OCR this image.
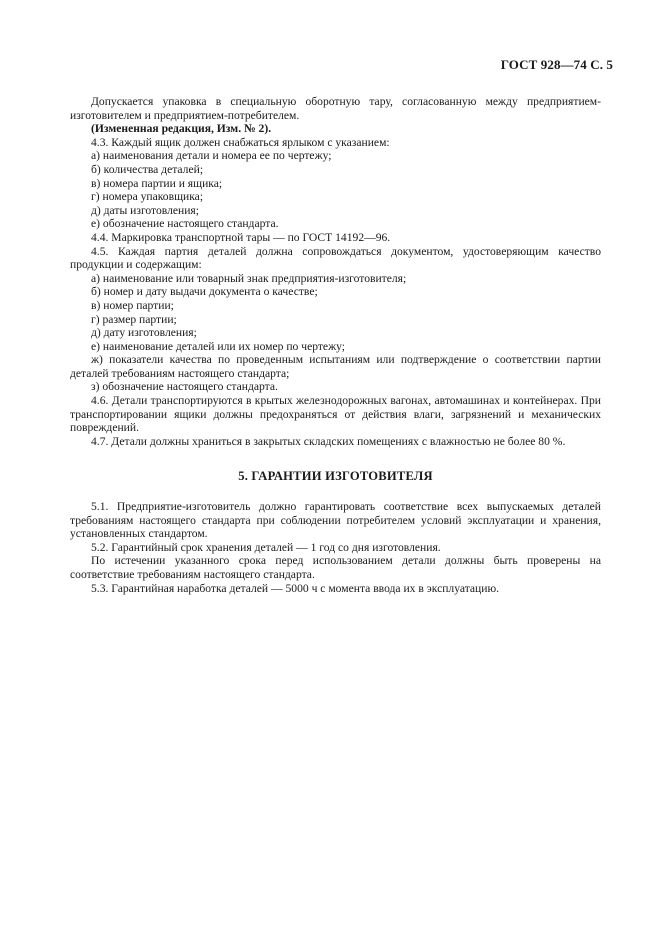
ГОСТ 928—74 С. 5

Допускается упаковка в специальную оборотную тару, согласованную между предприятием-изготовителем и предприятием-потребителем.

(Измененная редакция, Изм. № 2).

4.3. Каждый ящик должен снабжаться ярлыком с указанием:

а) наименования детали и номера ее по чертежу;

б) количества деталей;

в) номера партии и ящика;

г) номера упаковщика;

д) даты изготовления;

е) обозначение настоящего стандарта.

4.4. Маркировка транспортной тары — по ГОСТ 14192—96.

4.5. Каждая партия деталей должна сопровождаться документом, удостоверяющим качество продукции и содержащим:

а) наименование или товарный знак предприятия-изготовителя;

б) номер и дату выдачи документа о качестве;

в) номер партии;

г) размер партии;

д) дату изготовления;

е) наименование деталей или их номер по чертежу;

ж) показатели качества по проведенным испытаниям или подтверждение о соответствии партии деталей требованиям настоящего стандарта;

з) обозначение настоящего стандарта.

4.6. Детали транспортируются в крытых железнодорожных вагонах, автомашинах и контейнерах. При транспортировании ящики должны предохраняться от действия влаги, загрязнений и механических повреждений.

4.7. Детали должны храниться в закрытых складских помещениях с влажностью не более 80 %.

5. ГАРАНТИИ ИЗГОТОВИТЕЛЯ

5.1. Предприятие-изготовитель должно гарантировать соответствие всех выпускаемых деталей требованиям настоящего стандарта при соблюдении потребителем условий эксплуатации и хранения, установленных стандартом.

5.2. Гарантийный срок хранения деталей — 1 год со дня изготовления.

По истечении указанного срока перед использованием детали должны быть проверены на соответствие требованиям настоящего стандарта.

5.3. Гарантийная наработка деталей — 5000 ч с момента ввода их в эксплуатацию.
